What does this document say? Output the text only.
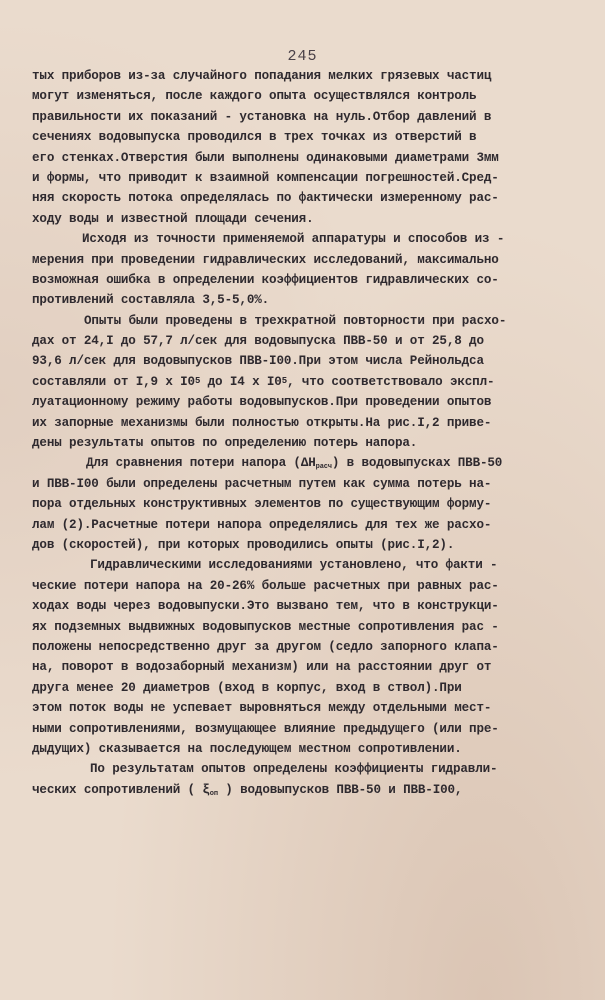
245
тых приборов из-за случайного попадания мелких грязевых частиц
могут изменяться, после каждого опыта осуществлялся контроль
правильности их показаний - установка на нуль.Отбор давлений в
сечениях водовыпуска проводился в трех точках из отверстий в
его стенках.Отверстия были выполнены одинаковыми диаметрами 3мм
и формы, что приводит к взаимной компенсации погрешностей.Сред-
няя скорость потока определялась по фактически измеренному рас-
ходу воды и известной площади сечения.
Исходя из точности применяемой аппаратуры и способов из -
мерения при проведении гидравлических исследований, максимально
возможная ошибка в определении коэффициентов гидравлических со-
противлений составляла 3,5-5,0%.
Опыты были проведены в трехкратной повторности при расхо-
дах от 24,I до 57,7 л/сек для водовыпуска ПВВ-50 и от 25,8 до
93,6 л/сек для водовыпусков ПВВ-I00.При этом числа Рейнольдса
составляли от I,9 х $I0^5$ до I4 х $I0^5$, что соответствовало экспл-
луатационному режиму работы водовыпусков.При проведении опытов
их запорные механизмы были полностью открыты.На рис.I,2 приве-
дены результаты опытов по определению потерь напора.
Для сравнения потери напора $(\Delta H_{расч})$ в водовыпусках ПВВ-50
и ПВВ-I00 были определены расчетным путем как сумма потерь на-
пора отдельных конструктивных элементов по существующим форму-
лам (2).Расчетные потери напора определялись для тех же расхо-
дов (скоростей), при которых проводились опыты (рис.I,2).
Гидравлическими исследованиями установлено, что факти -
ческие потери напора на 20-26% больше расчетных при равных рас-
ходах воды через водовыпуски.Это вызвано тем, что в конструкци-
ях подземных выдвижных водовыпусков местные сопротивления рас -
положены непосредственно друг за другом (седло запорного клапа-
на, поворот в водозаборный механизм) или на расстоянии друг от
друга менее 20 диаметров (вход в корпус, вход в ствол).При
этом поток воды не успевает выровняться между отдельными мест-
ными сопротивлениями, возмущающее влияние предыдущего (или пре-
дыдущих) сказывается на последующем местном сопротивлении.
По результатам опытов определены коэффициенты гидравли-
ческих сопротивлений ( $\xi_{оп}$ ) водовыпусков ПВВ-50 и ПВВ-I00,
